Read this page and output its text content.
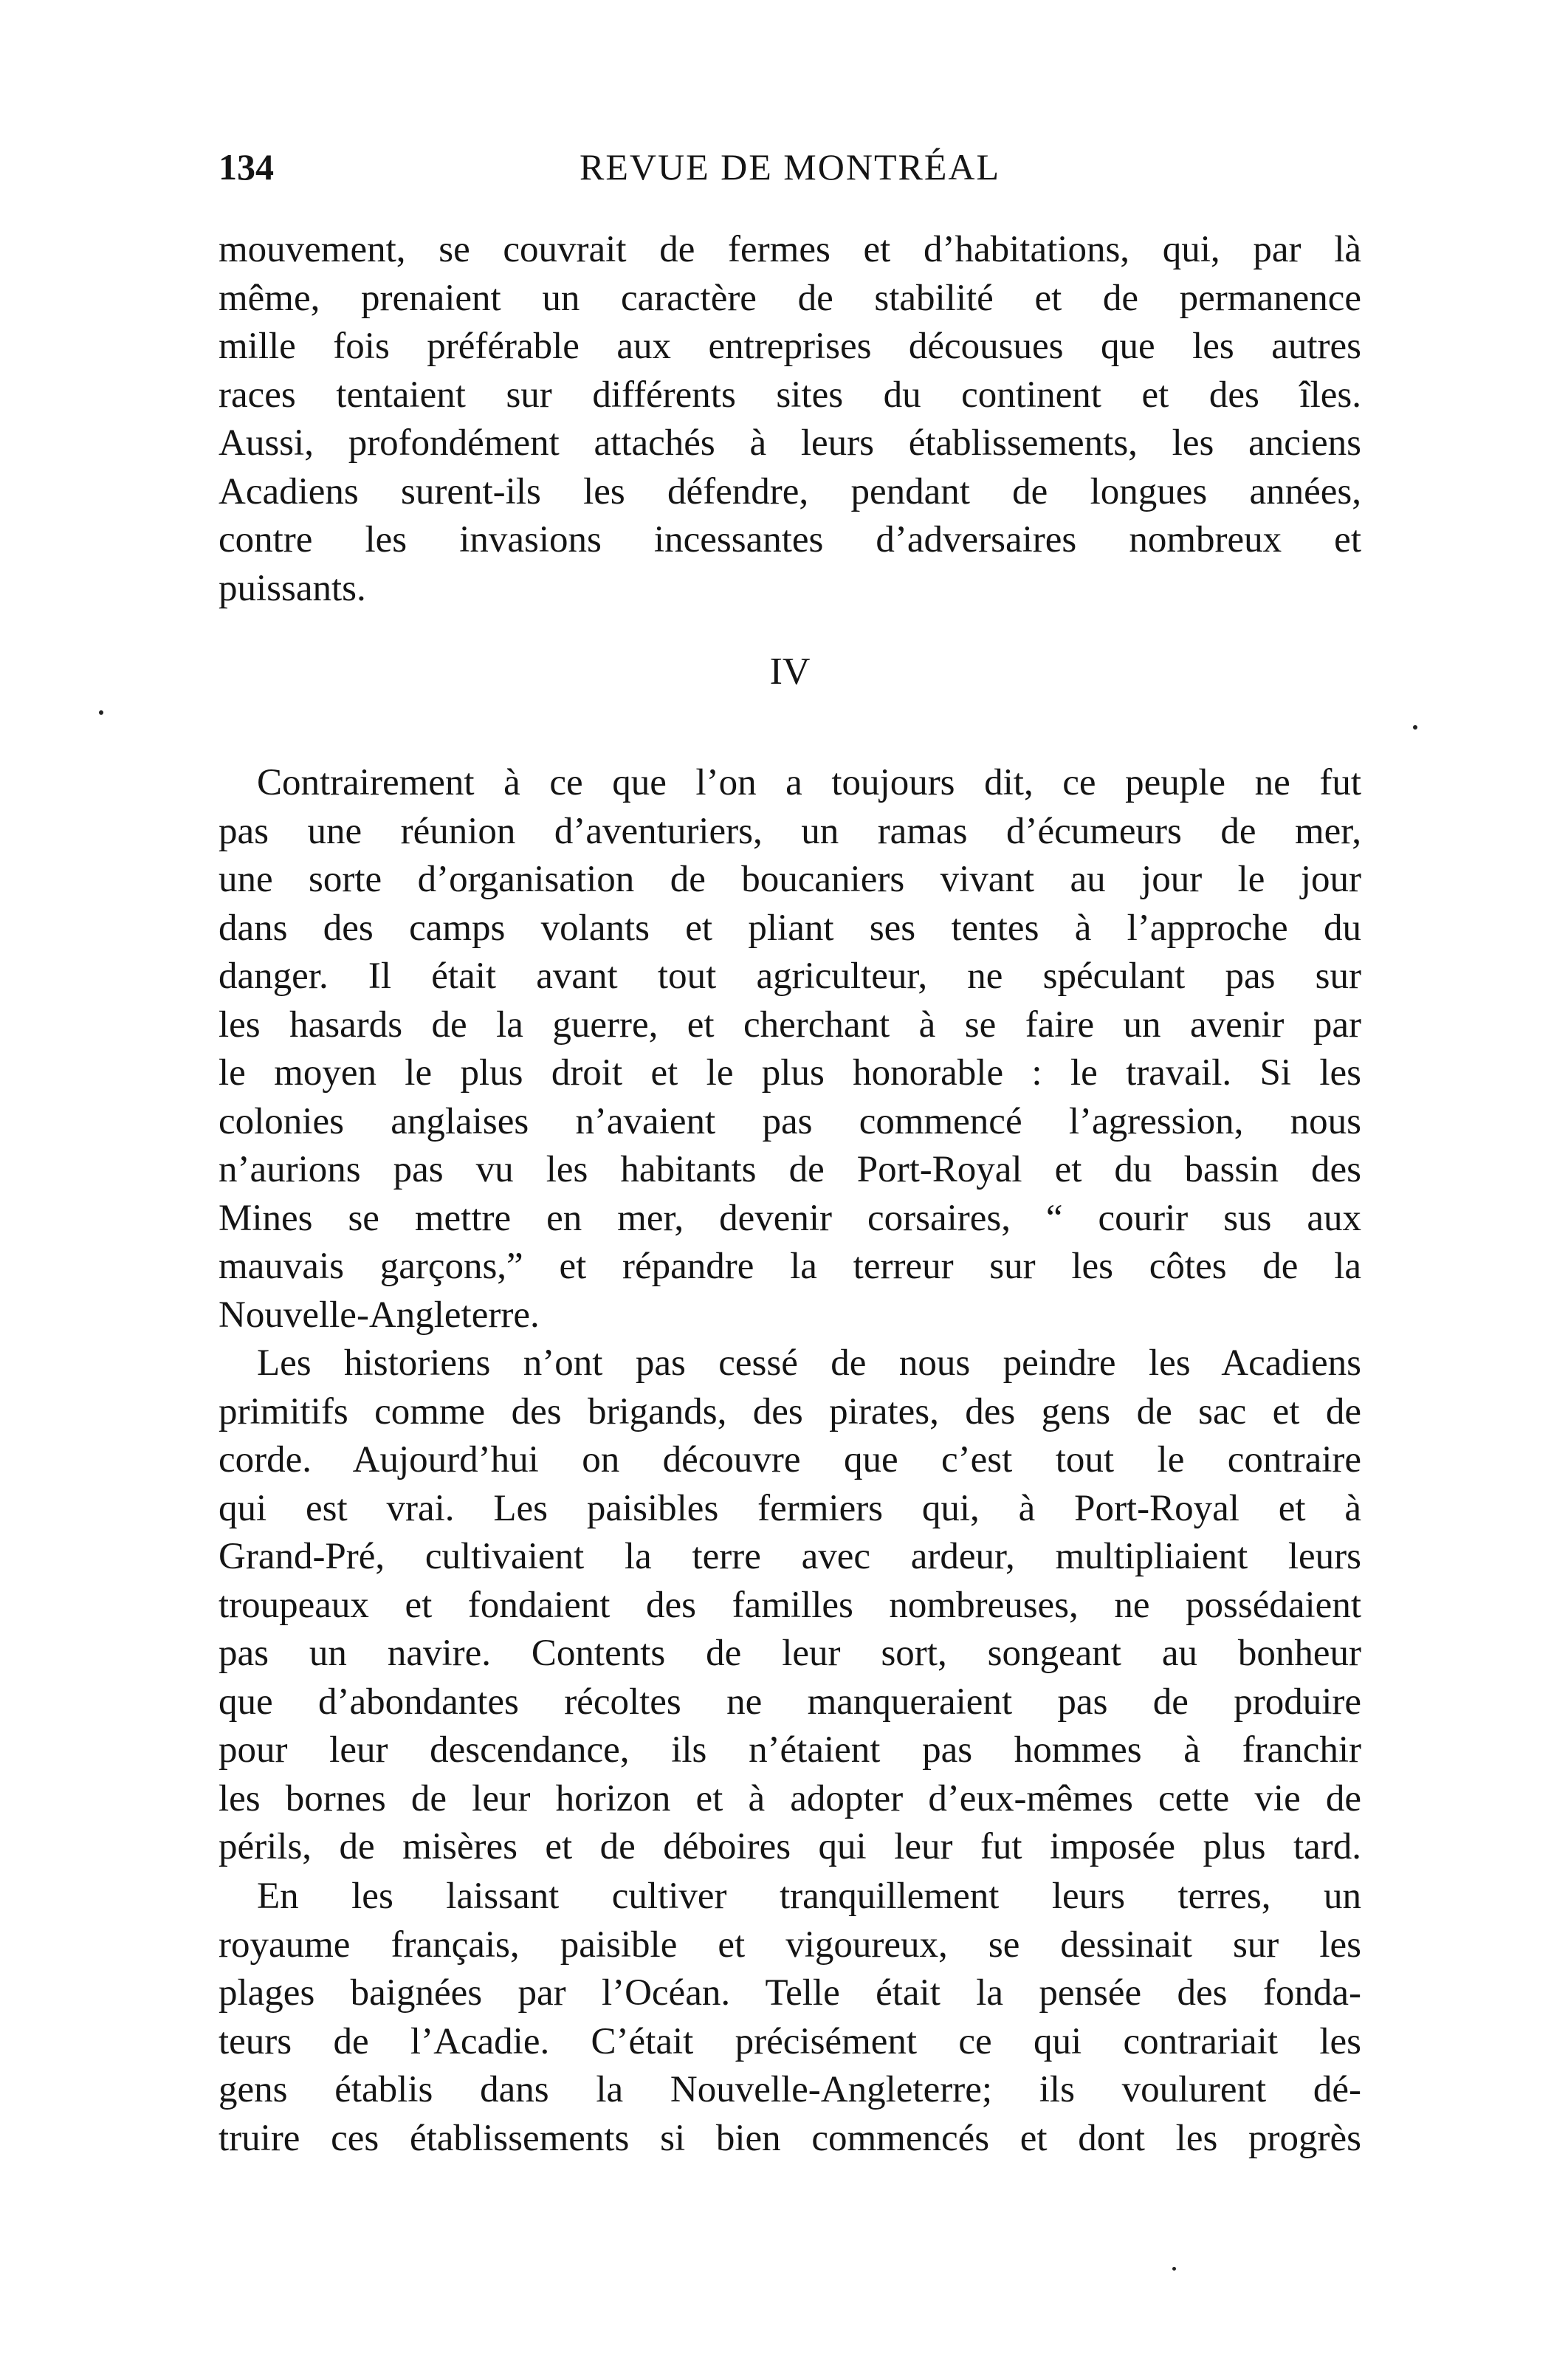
134	REVUE DE MONTRÉAL
mouvement, se couvrait de fermes et d’habitations, qui, par là
même, prenaient un caractère de stabilité et de permanence
mille fois préférable aux entreprises décousues que les autres
races tentaient sur différents sites du continent et des îles.
Aussi, profondément attachés à leurs établissements, les anciens
Acadiens surent-ils les défendre, pendant de longues années,
contre les invasions incessantes d’adversaires nombreux et
puissants.
IV
Contrairement à ce que l’on a toujours dit, ce peuple ne fut
pas une réunion d’aventuriers, un ramas d’écumeurs de mer,
une sorte d’organisation de boucaniers vivant au jour le jour
dans des camps volants et pliant ses tentes à l’approche du
danger. Il était avant tout agriculteur, ne spéculant pas sur
les hasards de la guerre, et cherchant à se faire un avenir par
le moyen le plus droit et le plus honorable : le travail. Si les
colonies anglaises n’avaient pas commencé l’agression, nous
n’aurions pas vu les habitants de Port-Royal et du bassin des
Mines se mettre en mer, devenir corsaires, “ courir sus aux
mauvais garçons,” et répandre la terreur sur les côtes de la
Nouvelle-Angleterre.
Les historiens n’ont pas cessé de nous peindre les Acadiens
primitifs comme des brigands, des pirates, des gens de sac et de
corde. Aujourd’hui on découvre que c’est tout le contraire
qui est vrai. Les paisibles fermiers qui, à Port-Royal et à
Grand-Pré, cultivaient la terre avec ardeur, multipliaient leurs
troupeaux et fondaient des familles nombreuses, ne possédaient
pas un navire. Contents de leur sort, songeant au bonheur
que d’abondantes récoltes ne manqueraient pas de produire
pour leur descendance, ils n’étaient pas hommes à franchir
les bornes de leur horizon et à adopter d’eux-mêmes cette vie de
périls, de misères et de déboires qui leur fut imposée plus tard.
En les laissant cultiver tranquillement leurs terres, un
royaume français, paisible et vigoureux, se dessinait sur les
plages baignées par l’Océan. Telle était la pensée des fonda-
teurs de l’Acadie. C’était précisément ce qui contrariait les
gens établis dans la Nouvelle-Angleterre; ils voulurent dé-
truire ces établissements si bien commencés et dont les progrès
